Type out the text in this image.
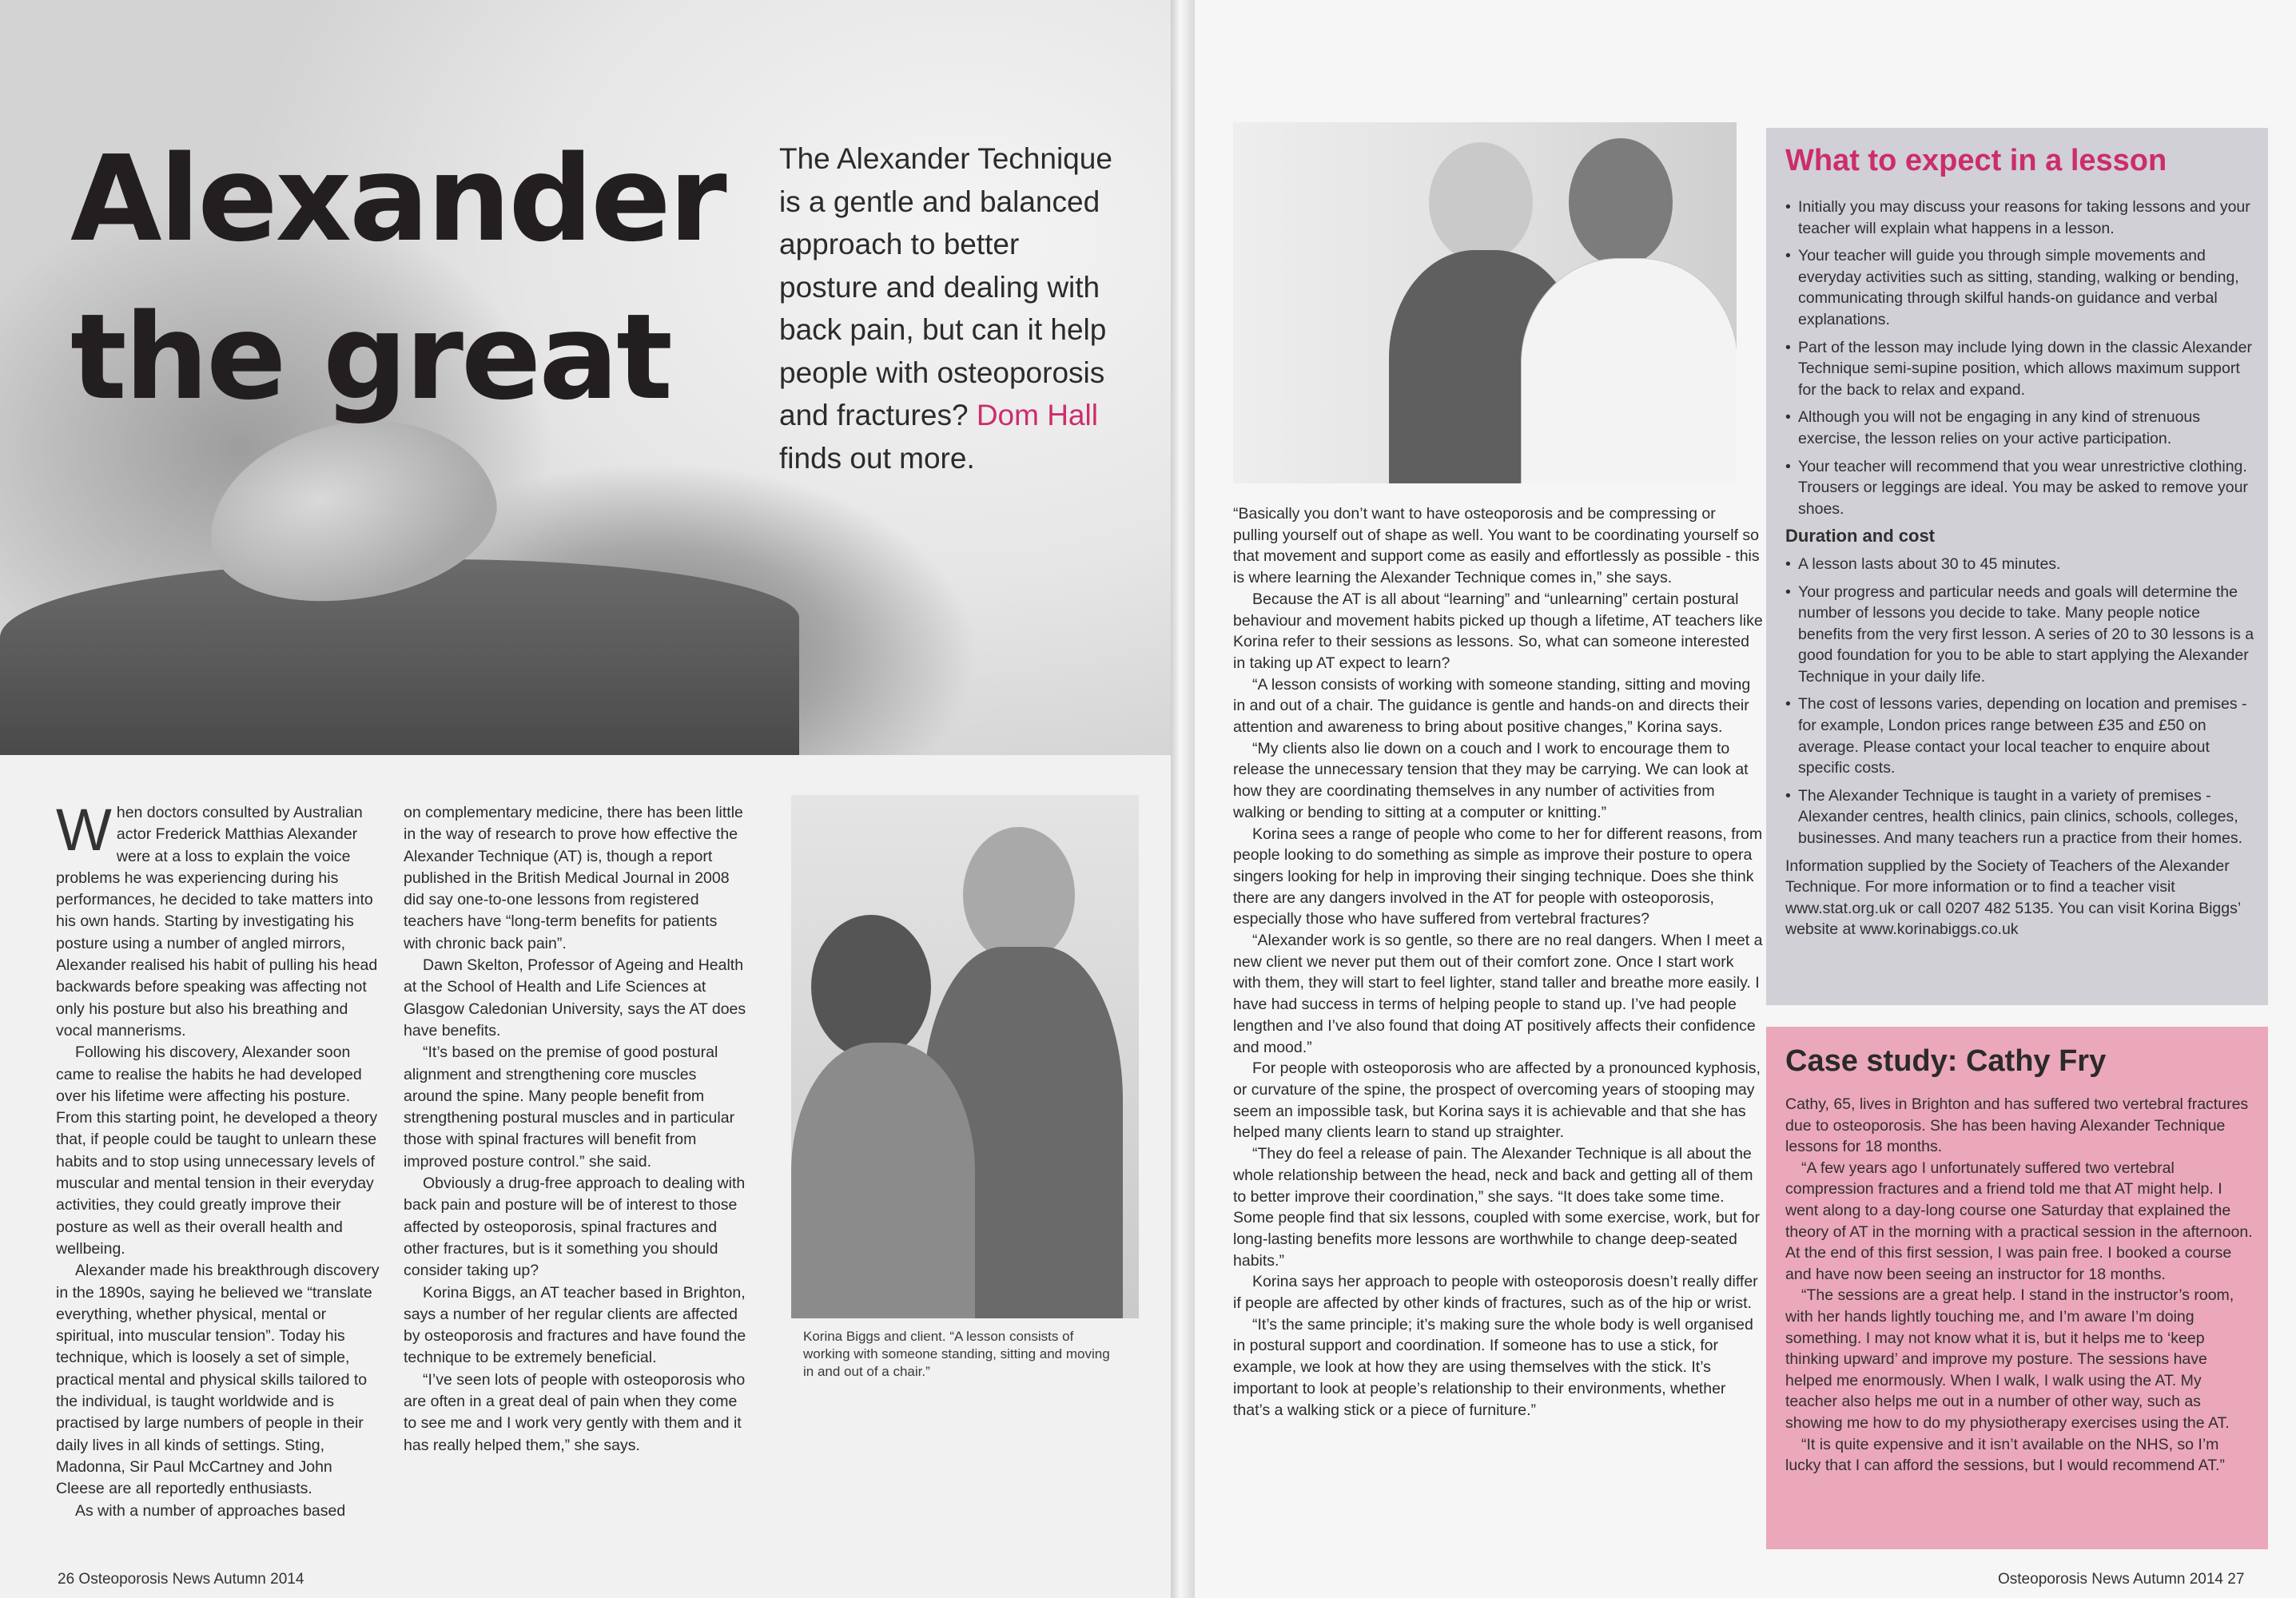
Alexander
the great
The Alexander Technique is a gentle and balanced approach to better posture and dealing with back pain, but can it help people with osteoporosis and fractures? Dom Hall finds out more.

When doctors consulted by Australian actor Frederick Matthias Alexander were at a loss to explain the voice problems he was experiencing during his performances, he decided to take matters into his own hands. Starting by investigating his posture using a number of angled mirrors, Alexander realised his habit of pulling his head backwards before speaking was affecting not only his posture but also his breathing and vocal mannerisms.

Following his discovery, Alexander soon came to realise the habits he had developed over his lifetime were affecting his posture. From this starting point, he developed a theory that, if people could be taught to unlearn these habits and to stop using unnecessary levels of muscular and mental tension in their everyday activities, they could greatly improve their posture as well as their overall health and wellbeing.

Alexander made his breakthrough discovery in the 1890s, saying he believed we “translate everything, whether physical, mental or spiritual, into muscular tension”. Today his technique, which is loosely a set of simple, practical mental and physical skills tailored to the individual, is taught worldwide and is practised by large numbers of people in their daily lives in all kinds of settings. Sting, Madonna, Sir Paul McCartney and John Cleese are all reportedly enthusiasts.

As with a number of approaches based

on complementary medicine, there has been little in the way of research to prove how effective the Alexander Technique (AT) is, though a report published in the British Medical Journal in 2008 did say one-to-one lessons from registered teachers have “long-term benefits for patients with chronic back pain”.

Dawn Skelton, Professor of Ageing and Health at the School of Health and Life Sciences at Glasgow Caledonian University, says the AT does have benefits.

“It’s based on the premise of good postural alignment and strengthening core muscles around the spine. Many people benefit from strengthening postural muscles and in particular those with spinal fractures will benefit from improved posture control.” she said.

Obviously a drug-free approach to dealing with back pain and posture will be of interest to those affected by osteoporosis, spinal fractures and other fractures, but is it something you should consider taking up?

Korina Biggs, an AT teacher based in Brighton, says a number of her regular clients are affected by osteoporosis and fractures and have found the technique to be extremely beneficial.

“I’ve seen lots of people with osteoporosis who are often in a great deal of pain when they come to see me and I work very gently with them and it has really helped them,” she says.

Korina Biggs and client. “A lesson consists of working with someone standing, sitting and moving in and out of a chair.”
26 Osteoporosis News Autumn 2014

“Basically you don’t want to have osteoporosis and be compressing or pulling yourself out of shape as well. You want to be coordinating yourself so that movement and support come as easily and effortlessly as possible - this is where learning the Alexander Technique comes in,” she says.

Because the AT is all about “learning” and “unlearning” certain postural behaviour and movement habits picked up though a lifetime, AT teachers like Korina refer to their sessions as lessons. So, what can someone interested in taking up AT expect to learn?

“A lesson consists of working with someone standing, sitting and moving in and out of a chair. The guidance is gentle and hands-on and directs their attention and awareness to bring about positive changes,” Korina says.

“My clients also lie down on a couch and I work to encourage them to release the unnecessary tension that they may be carrying. We can look at how they are coordinating themselves in any number of activities from walking or bending to sitting at a computer or knitting.”

Korina sees a range of people who come to her for different reasons, from people looking to do something as simple as improve their posture to opera singers looking for help in improving their singing technique. Does she think there are any dangers involved in the AT for people with osteoporosis, especially those who have suffered from vertebral fractures?

“Alexander work is so gentle, so there are no real dangers. When I meet a new client we never put them out of their comfort zone. Once I start work with them, they will start to feel lighter, stand taller and breathe more easily. I have had success in terms of helping people to stand up. I’ve had people lengthen and I’ve also found that doing AT positively affects their confidence and mood.”

For people with osteoporosis who are affected by a pronounced kyphosis, or curvature of the spine, the prospect of overcoming years of stooping may seem an impossible task, but Korina says it is achievable and that she has helped many clients learn to stand up straighter.

“They do feel a release of pain. The Alexander Technique is all about the whole relationship between the head, neck and back and getting all of them to better improve their coordination,” she says. “It does take some time. Some people find that six lessons, coupled with some exercise, work, but for long-lasting benefits more lessons are worthwhile to change deep-seated habits.”

Korina says her approach to people with osteoporosis doesn’t really differ if people are affected by other kinds of fractures, such as of the hip or wrist.

“It’s the same principle; it’s making sure the whole body is well organised in postural support and coordination. If someone has to use a stick, for example, we look at how they are using themselves with the stick. It’s important to look at people’s relationship to their environments, whether that’s a walking stick or a piece of furniture.”

Osteoporosis News Autumn 2014 27
What to expect in a lesson
• Initially you may discuss your reasons for taking lessons and your teacher will explain what happens in a lesson.
• Your teacher will guide you through simple movements and everyday activities such as sitting, standing, walking or bending, communicating through skilful hands-on guidance and verbal explanations.
• Part of the lesson may include lying down in the classic Alexander Technique semi-supine position, which allows maximum support for the back to relax and expand.
• Although you will not be engaging in any kind of strenuous exercise, the lesson relies on your active participation.
• Your teacher will recommend that you wear unrestrictive clothing. Trousers or leggings are ideal. You may be asked to remove your shoes.
Duration and cost
• A lesson lasts about 30 to 45 minutes.
• Your progress and particular needs and goals will determine the number of lessons you decide to take. Many people notice benefits from the very first lesson. A series of 20 to 30 lessons is a good foundation for you to be able to start applying the Alexander Technique in your daily life.
• The cost of lessons varies, depending on location and premises - for example, London prices range between £35 and £50 on average. Please contact your local teacher to enquire about specific costs.
• The Alexander Technique is taught in a variety of premises - Alexander centres, health clinics, pain clinics, schools, colleges, businesses. And many teachers run a practice from their homes.

Information supplied by the Society of Teachers of the Alexander Technique. For more information or to find a teacher visit www.stat.org.uk or call 0207 482 5135. You can visit Korina Biggs’ website at www.korinabiggs.co.uk

Case study: Cathy Fry

Cathy, 65, lives in Brighton and has suffered two vertebral fractures due to osteoporosis. She has been having Alexander Technique lessons for 18 months.

“A few years ago I unfortunately suffered two vertebral compression fractures and a friend told me that AT might help. I went along to a day-long course one Saturday that explained the theory of AT in the morning with a practical session in the afternoon. At the end of this first session, I was pain free. I booked a course and have now been seeing an instructor for 18 months.

“The sessions are a great help. I stand in the instructor’s room, with her hands lightly touching me, and I’m aware I’m doing something. I may not know what it is, but it helps me to ‘keep thinking upward’ and improve my posture. The sessions have helped me enormously. When I walk, I walk using the AT. My teacher also helps me out in a number of other way, such as showing me how to do my physiotherapy exercises using the AT.

“It is quite expensive and it isn’t available on the NHS, so I’m lucky that I can afford the sessions, but I would recommend AT.”
